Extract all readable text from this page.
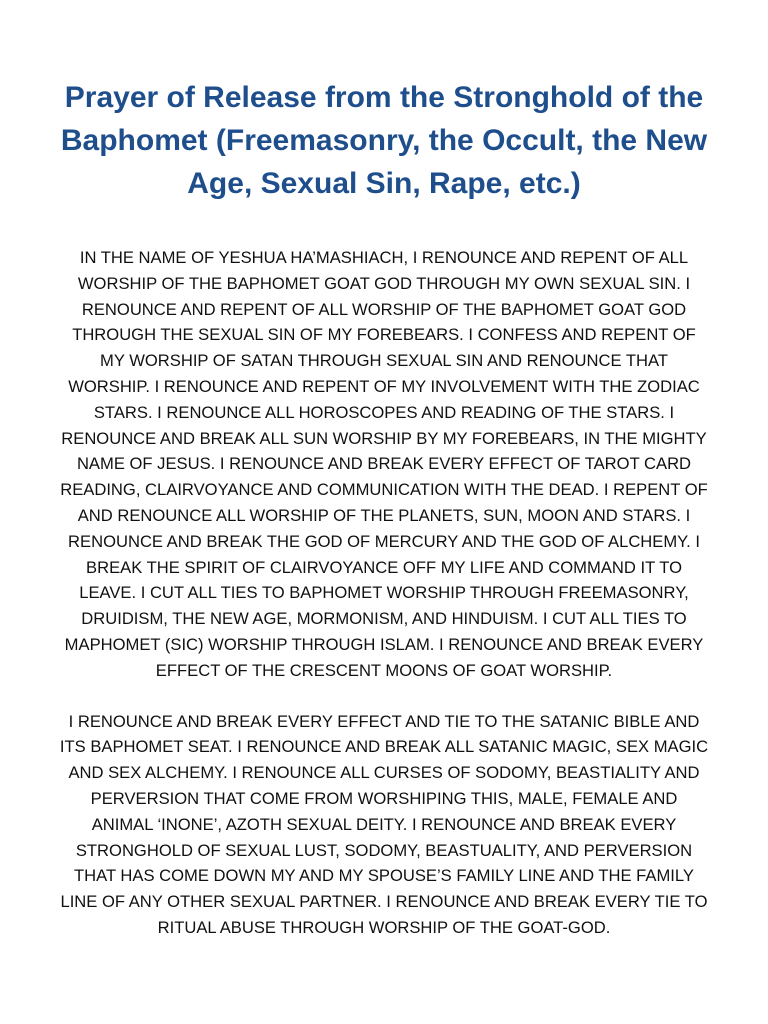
Prayer of Release from the Stronghold of the Baphomet (Freemasonry, the Occult, the New Age, Sexual Sin, Rape, etc.)

IN THE NAME OF YESHUA HA’MASHIACH, I RENOUNCE AND REPENT OF ALL WORSHIP OF THE BAPHOMET GOAT GOD THROUGH MY OWN SEXUAL SIN. I RENOUNCE AND REPENT OF ALL WORSHIP OF THE BAPHOMET GOAT GOD THROUGH THE SEXUAL SIN OF MY FOREBEARS. I CONFESS AND REPENT OF MY WORSHIP OF SATAN THROUGH SEXUAL SIN AND RENOUNCE THAT WORSHIP. I RENOUNCE AND REPENT OF MY INVOLVEMENT WITH THE ZODIAC STARS. I RENOUNCE ALL HOROSCOPES AND READING OF THE STARS. I RENOUNCE AND BREAK ALL SUN WORSHIP BY MY FOREBEARS, IN THE MIGHTY NAME OF JESUS. I RENOUNCE AND BREAK EVERY EFFECT OF TAROT CARD READING, CLAIRVOYANCE AND COMMUNICATION WITH THE DEAD. I REPENT OF AND RENOUNCE ALL WORSHIP OF THE PLANETS, SUN, MOON AND STARS. I RENOUNCE AND BREAK THE GOD OF MERCURY AND THE GOD OF ALCHEMY. I BREAK THE SPIRIT OF CLAIRVOYANCE OFF MY LIFE AND COMMAND IT TO LEAVE. I CUT ALL TIES TO BAPHOMET WORSHIP THROUGH FREEMASONRY, DRUIDISM, THE NEW AGE, MORMONISM, AND HINDUISM. I CUT ALL TIES TO MAPHOMET (SIC) WORSHIP THROUGH ISLAM. I RENOUNCE AND BREAK EVERY EFFECT OF THE CRESCENT MOONS OF GOAT WORSHIP.

I RENOUNCE AND BREAK EVERY EFFECT AND TIE TO THE SATANIC BIBLE AND ITS BAPHOMET SEAT. I RENOUNCE AND BREAK ALL SATANIC MAGIC, SEX MAGIC AND SEX ALCHEMY. I RENOUNCE ALL CURSES OF SODOMY, BEASTIALITY AND PERVERSION THAT COME FROM WORSHIPING THIS, MALE, FEMALE AND ANIMAL ‘INONE’, AZOTH SEXUAL DEITY. I RENOUNCE AND BREAK EVERY STRONGHOLD OF SEXUAL LUST, SODOMY, BEASTUALITY, AND PERVERSION THAT HAS COME DOWN MY AND MY SPOUSE’S FAMILY LINE AND THE FAMILY LINE OF ANY OTHER SEXUAL PARTNER. I RENOUNCE AND BREAK EVERY TIE TO RITUAL ABUSE THROUGH WORSHIP OF THE GOAT-GOD.
